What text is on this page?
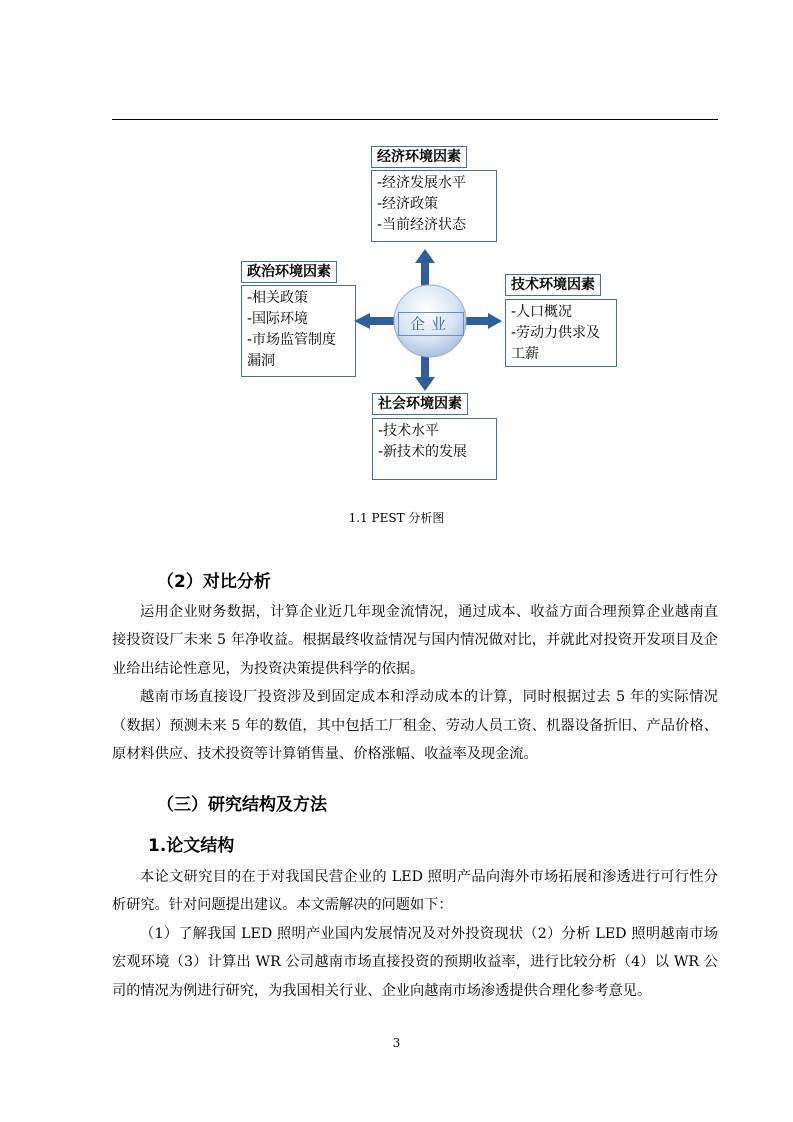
经济环境因素
-经济发展水平
-经济政策
-当前经济状态
政治环境因素
-相关政策
-国际环境
-市场监管制度
漏洞
技术环境因素
-人口概况
-劳动力供求及
工薪
社会环境因素
-技术水平
-新技术的发展
企业
1.1 PEST 分析图
（2）对比分析

运用企业财务数据，计算企业近几年现金流情况，通过成本、收益方面合理预算企业越南直接投资设厂未来 5 年净收益。根据最终收益情况与国内情况做对比，并就此对投资开发项目及企业给出结论性意见，为投资决策提供科学的依据。

越南市场直接设厂投资涉及到固定成本和浮动成本的计算，同时根据过去 5 年的实际情况（数据）预测未来 5 年的数值，其中包括工厂租金、劳动人员工资、机器设备折旧、产品价格、原材料供应、技术投资等计算销售量、价格涨幅、收益率及现金流。

（三）研究结构及方法
1.论文结构

本论文研究目的在于对我国民营企业的 LED 照明产品向海外市场拓展和渗透进行可行性分析研究。针对问题提出建议。本文需解决的问题如下：

（1）了解我国 LED 照明产业国内发展情况及对外投资现状（2）分析 LED 照明越南市场宏观环境（3）计算出 WR 公司越南市场直接投资的预期收益率，进行比较分析（4）以 WR 公司的情况为例进行研究，为我国相关行业、企业向越南市场渗透提供合理化参考意见。

3
